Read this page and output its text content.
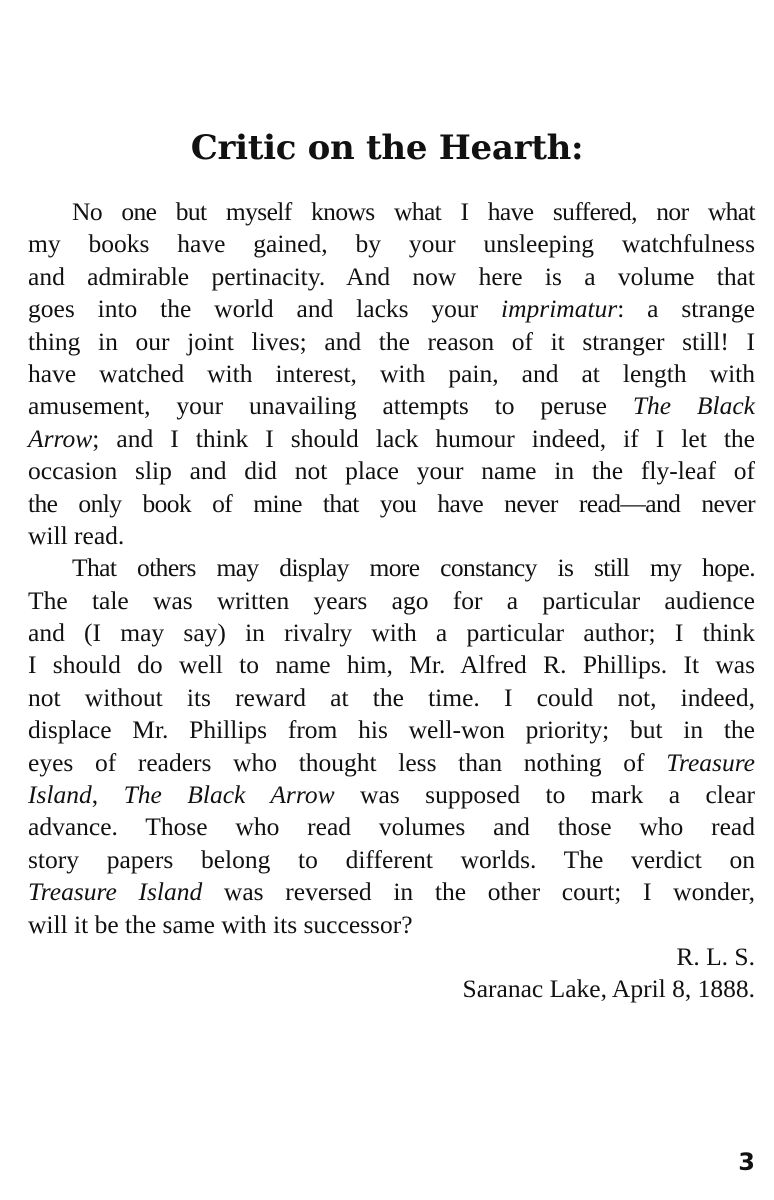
Critic on the Hearth:
No one but myself knows what I have suffered, nor what
my books have gained, by your unsleeping watchfulness
and admirable pertinacity. And now here is a volume that
goes into the world and lacks your imprimatur: a strange
thing in our joint lives; and the reason of it stranger still! I
have watched with interest, with pain, and at length with
amusement, your unavailing attempts to peruse The Black
Arrow; and I think I should lack humour indeed, if I let the
occasion slip and did not place your name in the fly-leaf of
the only book of mine that you have never read—and never
will read.
That others may display more constancy is still my hope.
The tale was written years ago for a particular audience
and (I may say) in rivalry with a particular author; I think
I should do well to name him, Mr. Alfred R. Phillips. It was
not without its reward at the time. I could not, indeed,
displace Mr. Phillips from his well-won priority; but in the
eyes of readers who thought less than nothing of Treasure
Island, The Black Arrow was supposed to mark a clear
advance. Those who read volumes and those who read
story papers belong to different worlds. The verdict on
Treasure Island was reversed in the other court; I wonder,
will it be the same with its successor?
R. L. S.
Saranac Lake, April 8, 1888.
3
